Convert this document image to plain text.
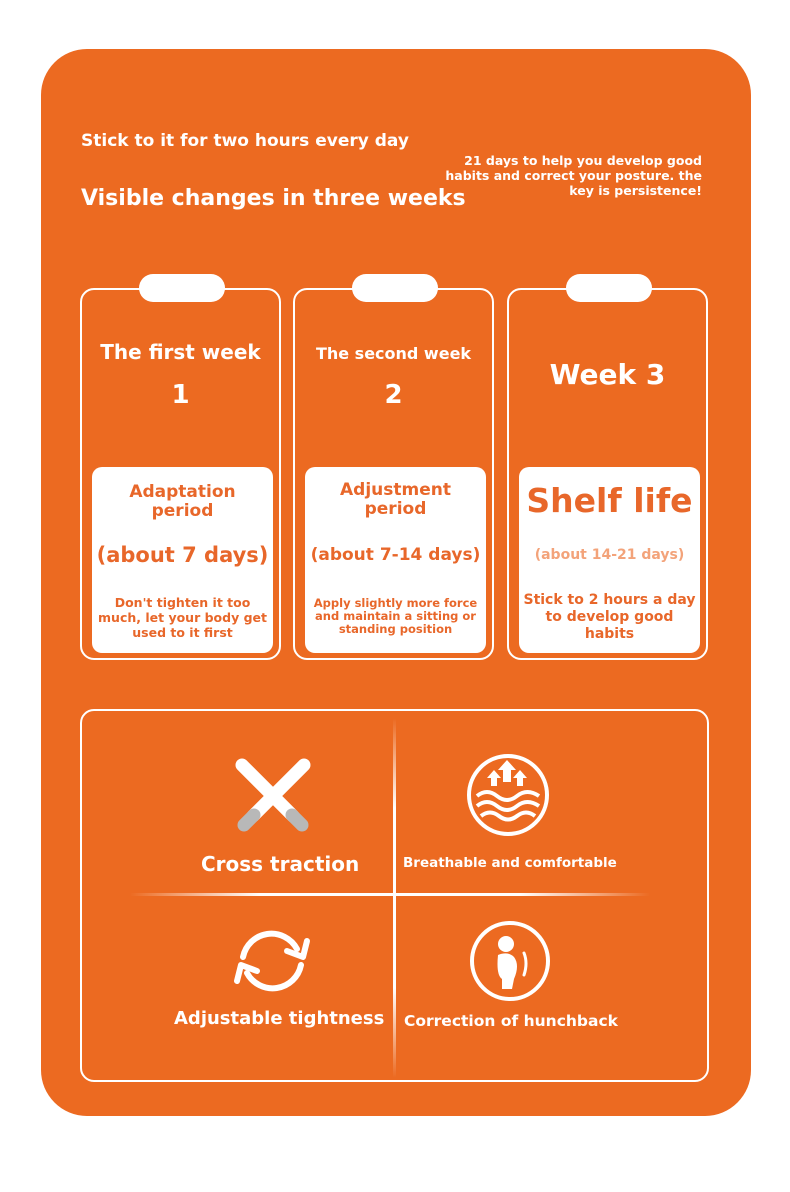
Stick to it for two hours every day
Visible changes in three weeks
21 days to help you develop good habits and correct your posture. the key is persistence!
The first week
1
Adaptation period
(about 7 days)
Don't tighten it too much, let your body get used to it first
The second week
2
Adjustment period
(about 7-14 days)
Apply slightly more force and maintain a sitting or standing position
Week 3
Shelf life
(about 14-21 days)
Stick to 2 hours a day to develop good habits
Cross traction	Breathable and comfortable
Adjustable tightness Correction of hunchback
